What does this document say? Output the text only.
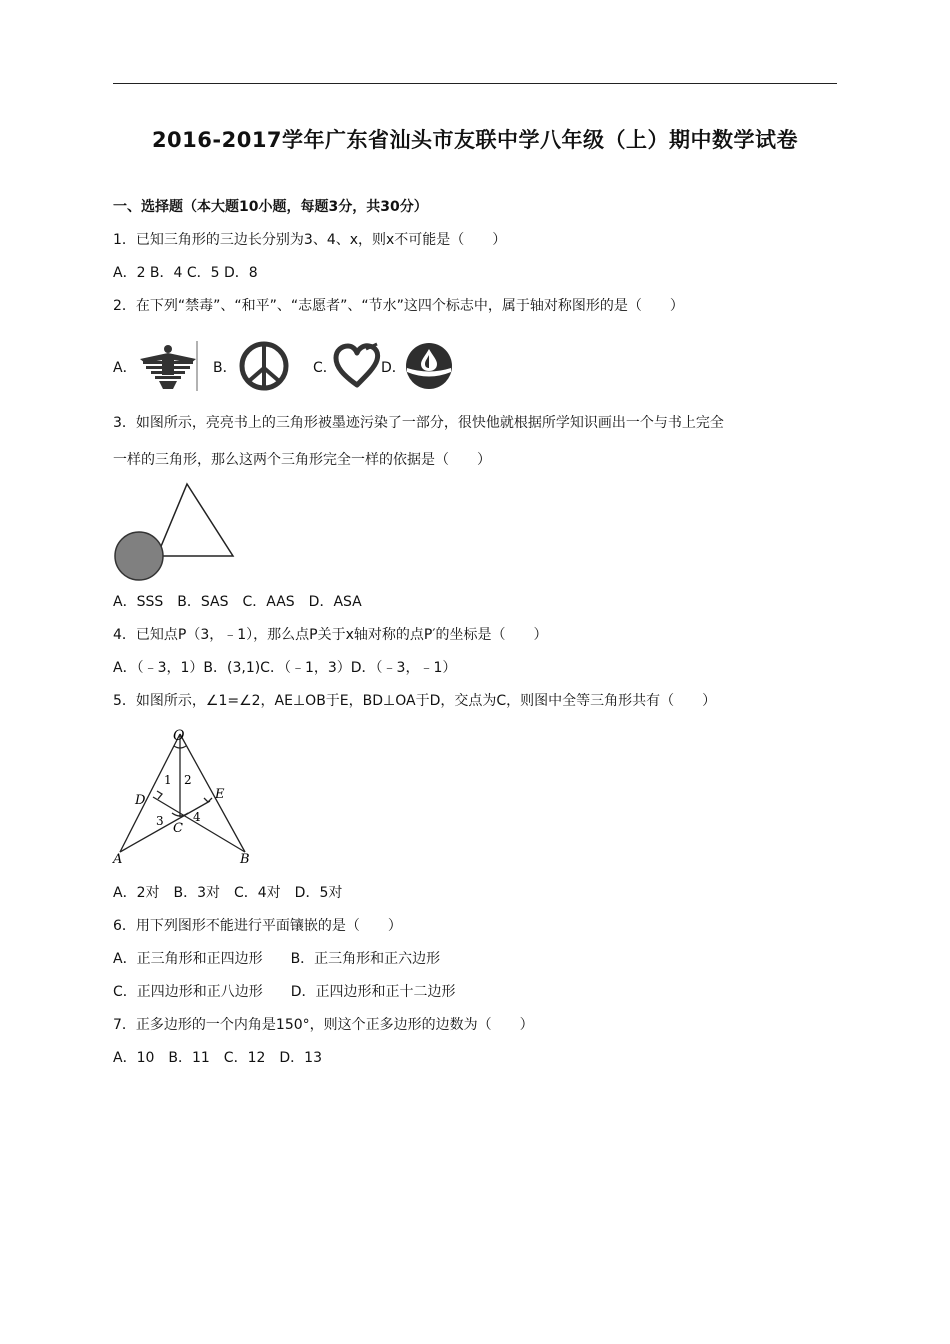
2016-2017学年广东省汕头市友联中学八年级（上）期中数学试卷
一、选择题（本大题10小题，每题3分，共30分）
1．已知三角形的三边长分别为3、4、x，则x不可能是（　　）
A．2 B．4 C．5 D．8
2．在下列“禁毒”、“和平”、“志愿者”、“节水”这四个标志中，属于轴对称图形的是（　　）
A．	B．	C．	D．
3．如图所示，亮亮书上的三角形被墨迹污染了一部分，很快他就根据所学知识画出一个与书上完全
一样的三角形，那么这两个三角形完全一样的依据是（　　）
A．SSS　B．SAS　C．AAS　D．ASA
4．已知点P（3，﹣1），那么点P关于x轴对称的点P′的坐标是（　　）
A．（﹣3，1）B．(3,1)C．（﹣1，3）D．（﹣3，﹣1）
5．如图所示，∠1=∠2，AE⊥OB于E，BD⊥OA于D，交点为C，则图中全等三角形共有（　　）
O
A	B
C
D	E
1 2
3 4
A．2对　B．3对　C．4对　D．5对
6．用下列图形不能进行平面镶嵌的是（　　）
A．正三角形和正四边形　　B．正三角形和正六边形
C．正四边形和正八边形　　D．正四边形和正十二边形
7．正多边形的一个内角是150°，则这个正多边形的边数为（　　）
A．10　B．11　C．12　D．13
